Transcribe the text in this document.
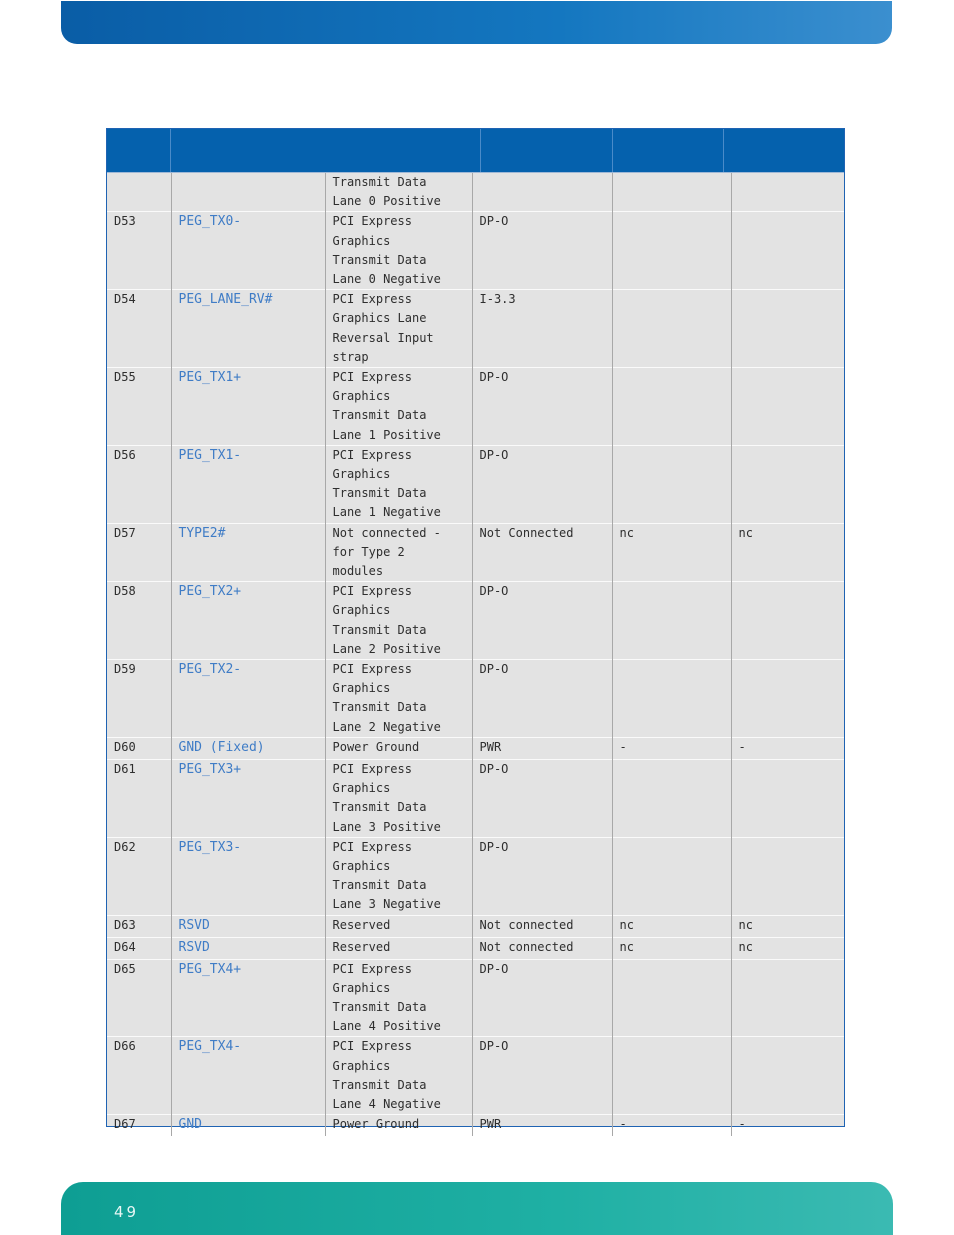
		Transmit Data
Lane 0 Positive			
D53	PEG_TX0-	PCI Express
Graphics
Transmit Data
Lane 0 Negative	DP-O		
D54	PEG_LANE_RV#	PCI Express
Graphics Lane
Reversal Input
strap	I-3.3		
D55	PEG_TX1+	PCI Express
Graphics
Transmit Data
Lane 1 Positive	DP-O		
D56	PEG_TX1-	PCI Express
Graphics
Transmit Data
Lane 1 Negative	DP-O		
D57	TYPE2#	Not connected -
for Type 2
modules	Not Connected	nc	nc
D58	PEG_TX2+	PCI Express
Graphics
Transmit Data
Lane 2 Positive	DP-O		
D59	PEG_TX2-	PCI Express
Graphics
Transmit Data
Lane 2 Negative	DP-O		
D60	GND (Fixed)	Power Ground	PWR	-	-
D61	PEG_TX3+	PCI Express
Graphics
Transmit Data
Lane 3 Positive	DP-O		
D62	PEG_TX3-	PCI Express
Graphics
Transmit Data
Lane 3 Negative	DP-O		
D63	RSVD	Reserved	Not connected	nc	nc
D64	RSVD	Reserved	Not connected	nc	nc
D65	PEG_TX4+	PCI Express
Graphics
Transmit Data
Lane 4 Positive	DP-O		
D66	PEG_TX4-	PCI Express
Graphics
Transmit Data
Lane 4 Negative	DP-O		
D67	GND	Power Ground	PWR	-	-
49
